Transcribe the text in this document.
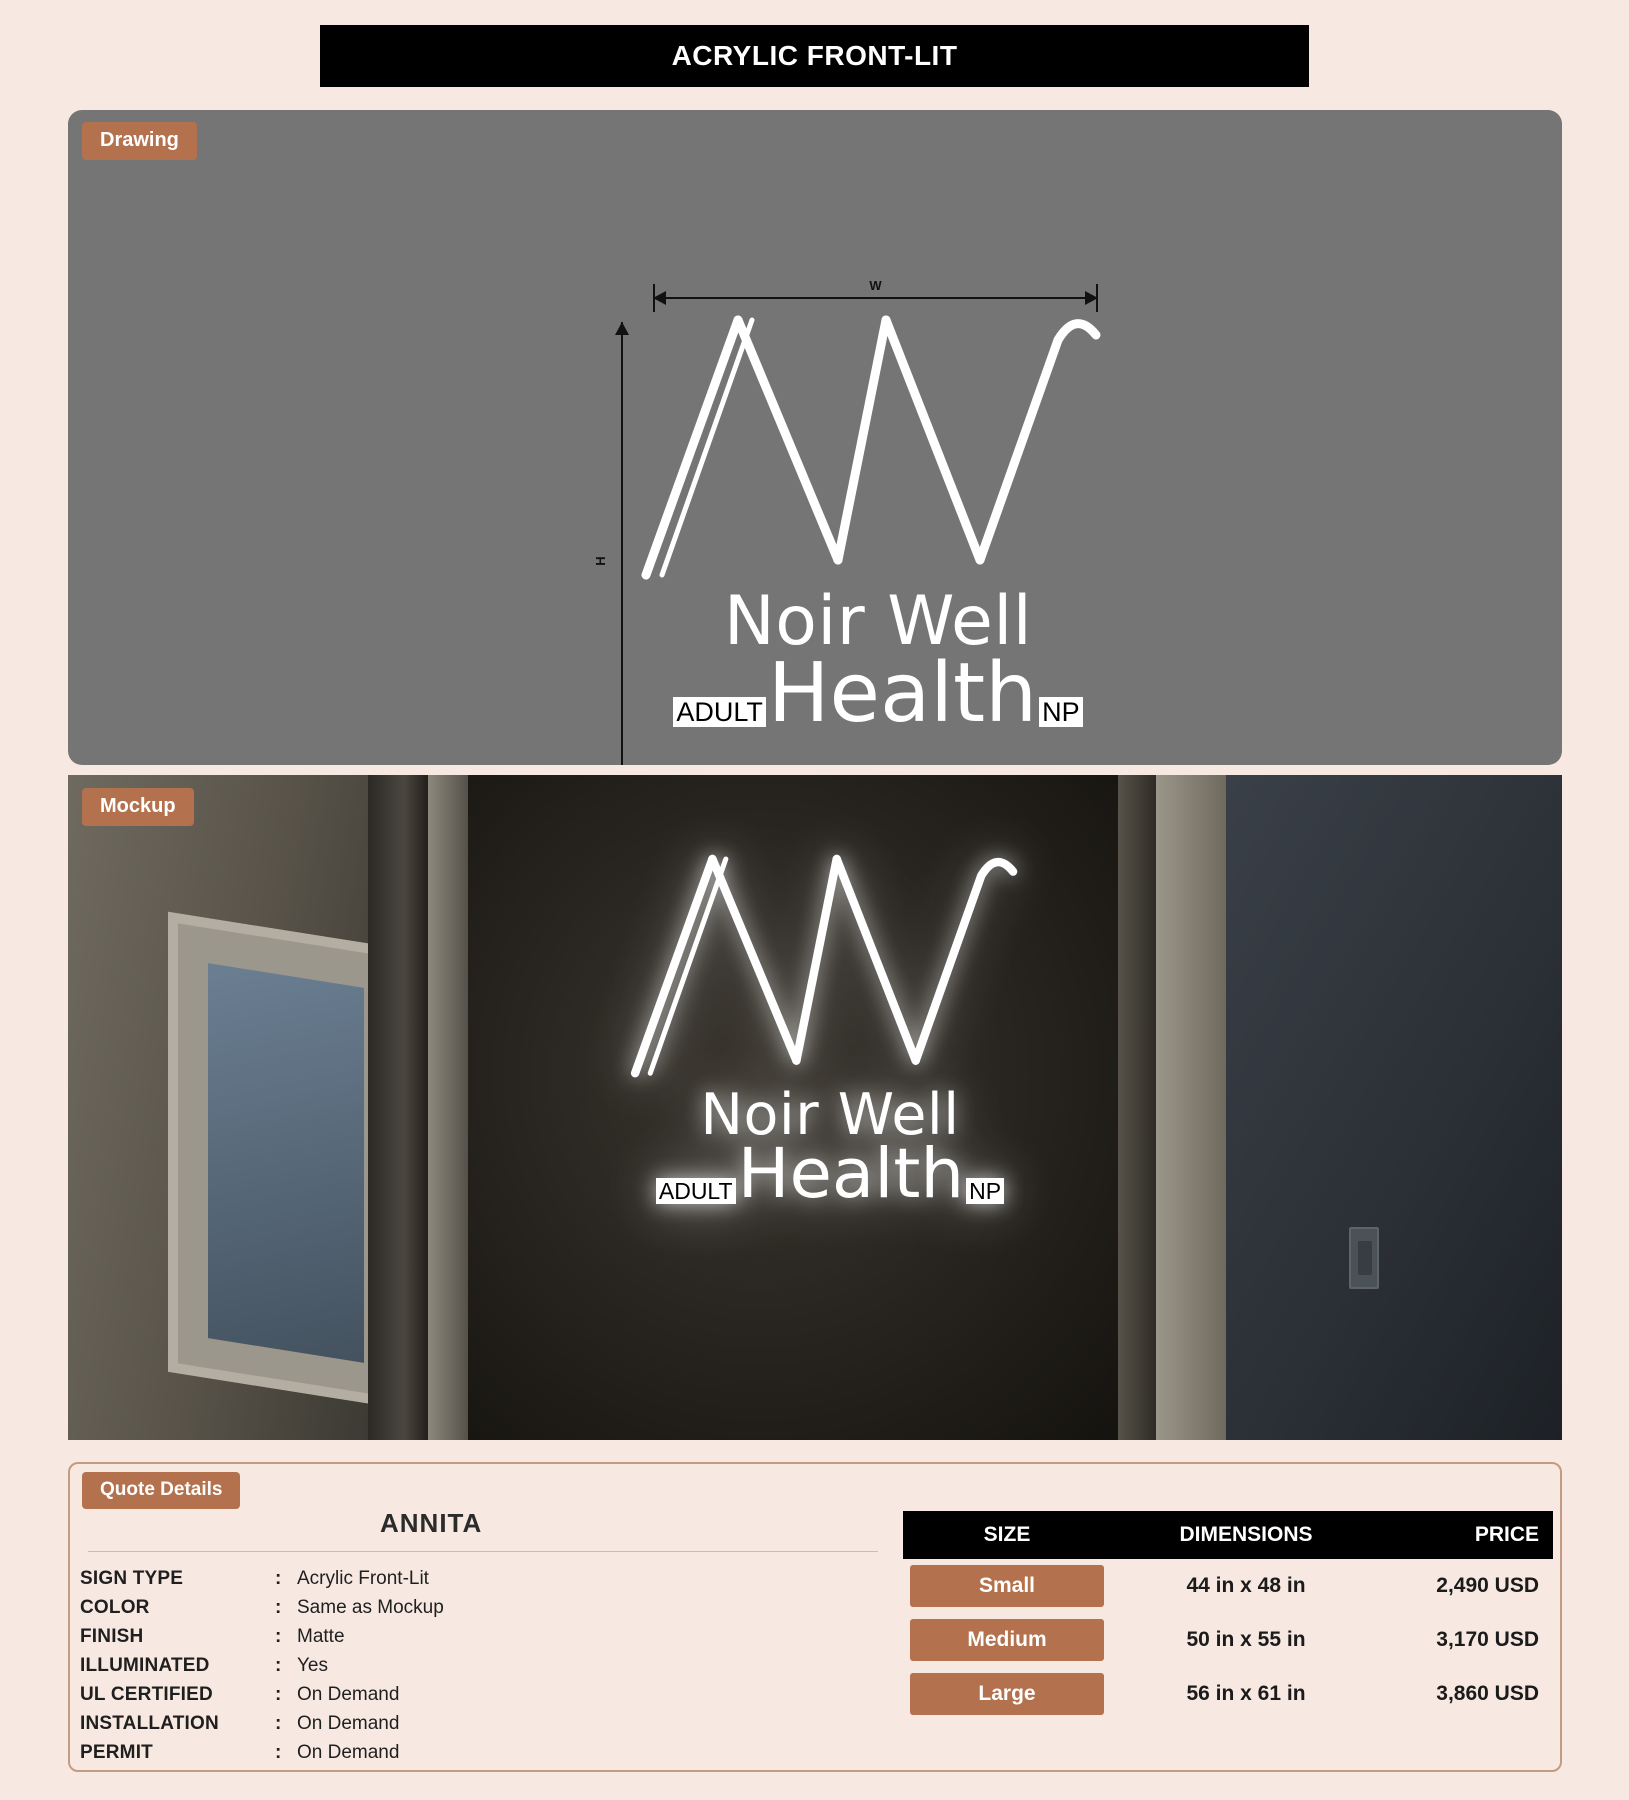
ACRYLIC FRONT-LIT
Drawing
W
H
Noir Well
ADULT Health NP
Mockup
Noir Well
ADULT Health NP
Quote Details
ANNITA
SIGN TYPE	: Acrylic Front-Lit
COLOR	: Same as Mockup
FINISH	: Matte
ILLUMINATED	: Yes
UL CERTIFIED	: On Demand
INSTALLATION	: On Demand
PERMIT	: On Demand
SIZE	DIMENSIONS	PRICE
Small	44 in x 48 in	2,490 USD
Medium	50 in x 55 in	3,170 USD
Large	56 in x 61 in	3,860 USD
